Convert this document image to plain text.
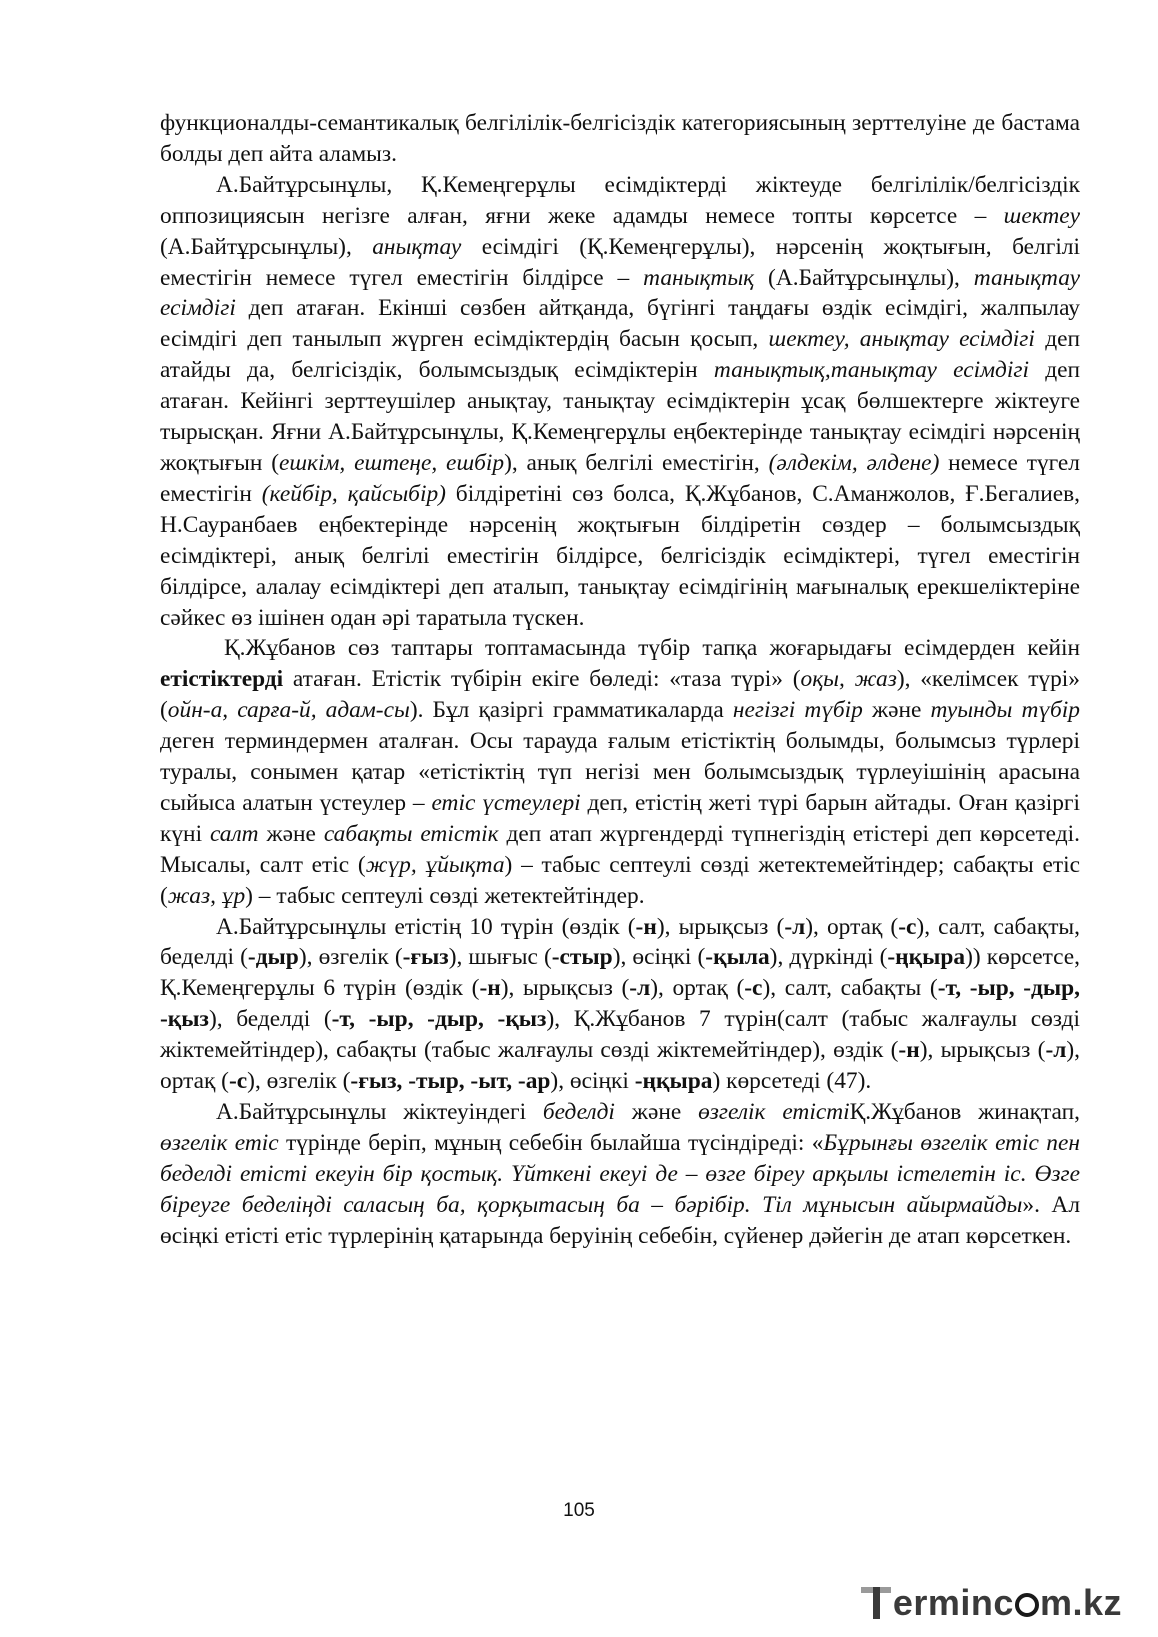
функционалды-семантикалық белгілілік-белгісіздік категориясының зерттелуіне де бастама болды деп айта аламыз.

А.Байтұрсынұлы, Қ.Кемеңгерұлы есімдіктерді жіктеуде белгілілік/белгісіздік оппозициясын негізге алған, яғни жеке адамды немесе топты көрсетсе – шектеу (А.Байтұрсынұлы), анықтау есімдігі (Қ.Кемеңгерұлы), нәрсенің жоқтығын, белгілі еместігін немесе түгел еместігін білдірсе – танықтық (А.Байтұрсынұлы), танықтау есімдігі деп атаған. Екінші сөзбен айтқанда, бүгінгі таңдағы өздік есімдігі, жалпылау есімдігі деп танылып жүрген есімдіктердің басын қосып, шектеу, анықтау есімдігі деп атайды да, белгісіздік, болымсыздық есімдіктерін танықтық,танықтау есімдігі деп атаған. Кейінгі зерттеушілер анықтау, танықтау есімдіктерін ұсақ бөлшектерге жіктеуге тырысқан. Яғни А.Байтұрсынұлы, Қ.Кемеңгерұлы еңбектерінде танықтау есімдігі нәрсенің жоқтығын (ешкім, ештеңе, ешбір), анық белгілі еместігін, (әлдекім, әлдене) немесе түгел еместігін (кейбір, қайсыбір) білдіретіні сөз болса, Қ.Жұбанов, С.Аманжолов, Ғ.Бегалиев, Н.Сауранбаев еңбектерінде нәрсенің жоқтығын білдіретін сөздер – болымсыздық есімдіктері, анық белгілі еместігін білдірсе, белгісіздік есімдіктері, түгел еместігін білдірсе, алалау есімдіктері деп аталып, танықтау есімдігінің мағыналық ерекшеліктеріне сәйкес өз ішінен одан әрі таратыла түскен.

Қ.Жұбанов сөз таптары топтамасында түбір тапқа жоғарыдағы есімдерден кейін етістіктерді атаған. Етістік түбірін екіге бөледі: «таза түрі» (оқы, жаз), «келімсек түрі» (ойн-а, сарға-й, адам-сы). Бұл қазіргі грамматикаларда негізгі түбір және туынды түбір деген терминдермен аталған. Осы тарауда ғалым етістіктің болымды, болымсыз түрлері туралы, сонымен қатар «етістіктің түп негізі мен болымсыздық түрлеуішінің арасына сыйыса алатын үстеулер – етіс үстеулері деп, етістің жеті түрі барын айтады. Оған қазіргі күні салт және сабақты етістік деп атап жүргендерді түпнегіздің етістері деп көрсетеді. Мысалы, салт етіс (жүр, ұйықта) – табыс септеулі сөзді жетектемейтіндер; сабақты етіс (жаз, ұр) – табыс септеулі сөзді жетектейтіндер.

А.Байтұрсынұлы етістің 10 түрін (өздік (-н), ырықсыз (-л), ортақ (-с), салт, сабақты, беделді (-дыр), өзгелік (-ғыз), шығыс (-стыр), өсіңкі (-қыла), дүркінді (-ңқыра)) көрсетсе, Қ.Кемеңгерұлы 6 түрін (өздік (-н), ырықсыз (-л), ортақ (-с), салт, сабақты (-т, -ыр, -дыр, -қыз), беделді (-т, -ыр, -дыр, -қыз), Қ.Жұбанов 7 түрін(салт (табыс жалғаулы сөзді жіктемейтіндер), сабақты (табыс жалғаулы сөзді жіктемейтіндер), өздік (-н), ырықсыз (-л), ортақ (-с), өзгелік (-ғыз, -тыр, -ыт, -ар), өсіңкі -ңқыра) көрсетеді (47).

А.Байтұрсынұлы жіктеуіндегі беделді және өзгелік етістіҚ.Жұбанов жинақтап, өзгелік етіс түрінде беріп, мұның себебін былайша түсіндіреді: «Бұрынғы өзгелік етіс пен беделді етісті екеуін бір қостық. Үйткені екеуі де – өзге біреу арқылы істелетін іс. Өзге біреуге беделіңді саласың ба, қорқытасың ба – бәрібір. Тіл мұнысын айырмайды». Ал өсіңкі етісті етіс түрлерінің қатарында беруінің себебін, сүйенер дәйегін де атап көрсеткен.

105
erminc m.kz
